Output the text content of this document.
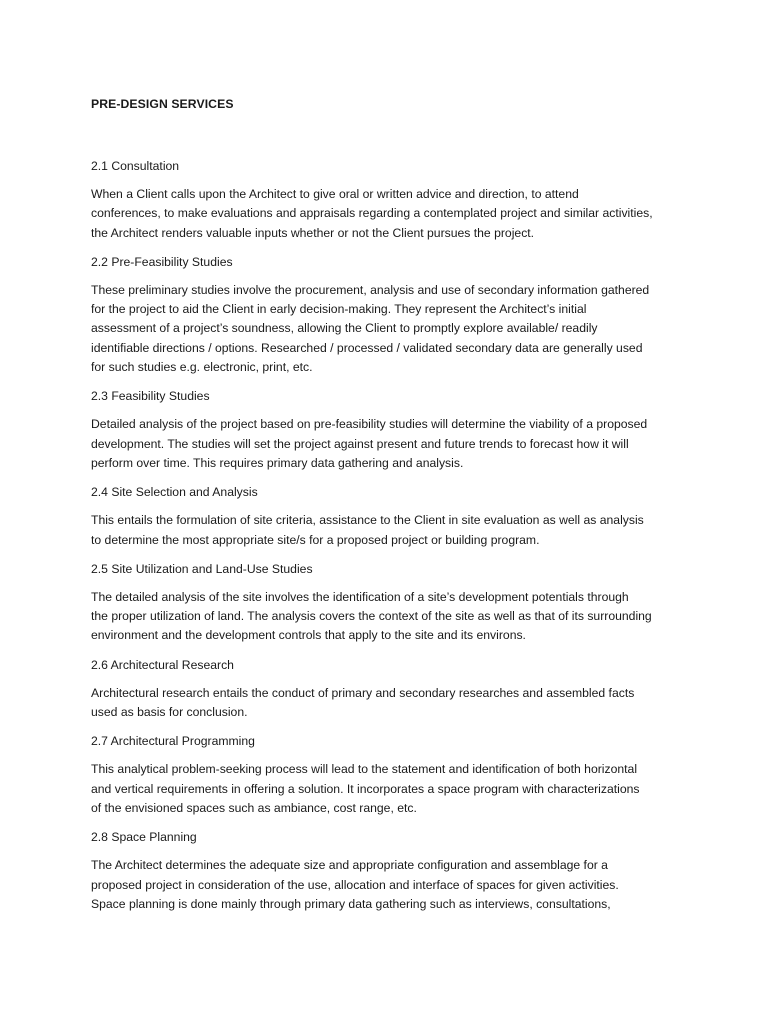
PRE-DESIGN SERVICES
2.1 Consultation
When a Client calls upon the Architect to give oral or written advice and direction, to attend
conferences, to make evaluations and appraisals regarding a contemplated project and similar activities,
the Architect renders valuable inputs whether or not the Client pursues the project.
2.2 Pre-Feasibility Studies
These preliminary studies involve the procurement, analysis and use of secondary information gathered
for the project to aid the Client in early decision-making. They represent the Architect’s initial
assessment of a project’s soundness, allowing the Client to promptly explore available/ readily
identifiable directions / options. Researched / processed / validated secondary data are generally used
for such studies e.g. electronic, print, etc.
2.3 Feasibility Studies
Detailed analysis of the project based on pre-feasibility studies will determine the viability of a proposed
development. The studies will set the project against present and future trends to forecast how it will
perform over time. This requires primary data gathering and analysis.
2.4 Site Selection and Analysis
This entails the formulation of site criteria, assistance to the Client in site evaluation as well as analysis
to determine the most appropriate site/s for a proposed project or building program.
2.5 Site Utilization and Land-Use Studies
The detailed analysis of the site involves the identification of a site’s development potentials through
the proper utilization of land. The analysis covers the context of the site as well as that of its surrounding
environment and the development controls that apply to the site and its environs.
2.6 Architectural Research
Architectural research entails the conduct of primary and secondary researches and assembled facts
used as basis for conclusion.
2.7 Architectural Programming
This analytical problem-seeking process will lead to the statement and identification of both horizontal
and vertical requirements in offering a solution. It incorporates a space program with characterizations
of the envisioned spaces such as ambiance, cost range, etc.
2.8 Space Planning
The Architect determines the adequate size and appropriate configuration and assemblage for a
proposed project in consideration of the use, allocation and interface of spaces for given activities.
Space planning is done mainly through primary data gathering such as interviews, consultations,
